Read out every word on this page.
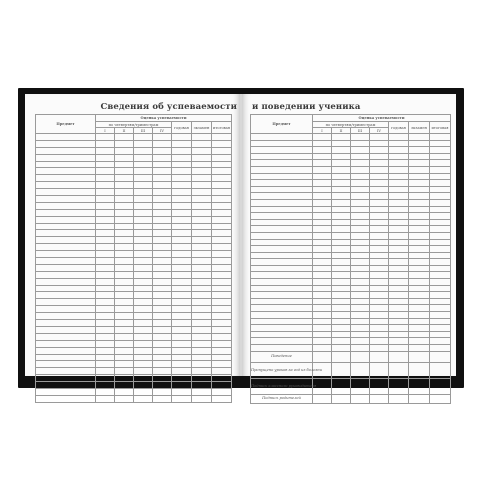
Сведения об успеваемости
Предмет	Оценка успеваемости						
	по четвертям/триместрам				годовая	экзамен	итоговая
	I	II	III	IV			

и поведении ученика
Предмет	Оценка успеваемости						
	по четвертям/триместрам				годовая	экзамен	итоговая
	I	II	III	IV			

Поведение							
Пропущено уроков за год из болезни							
Подпись классного руководителя							
Подпись родителей							
